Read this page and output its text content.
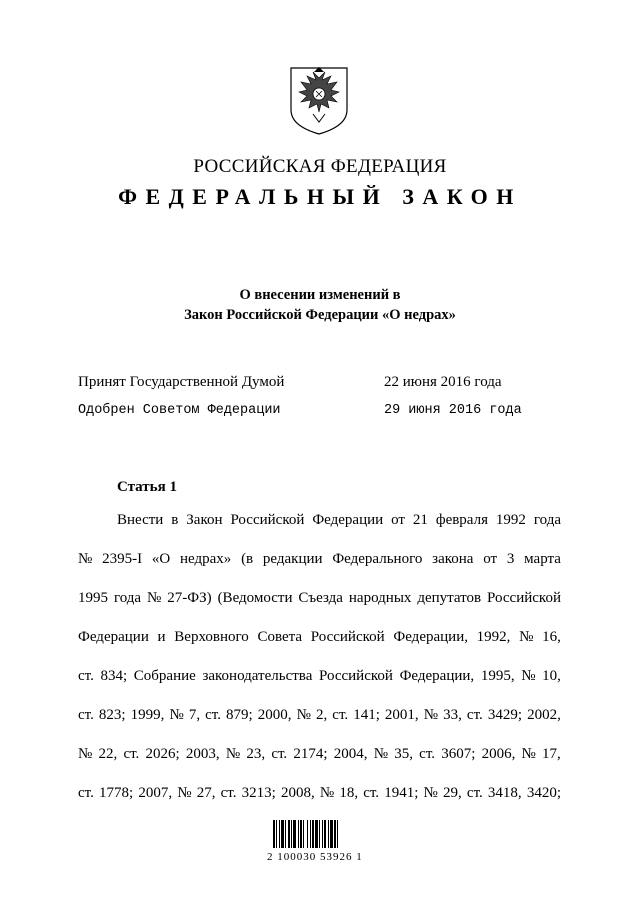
РОССИЙСКАЯ ФЕДЕРАЦИЯ
ФЕДЕРАЛЬНЫЙ ЗАКОН
О внесении изменений в
Закон Российской Федерации «О недрах»
Принят Государственной Думой	22 июня 2016 года
Одобрен Советом Федерации	29 июня 2016 года
Статья 1
Внести в Закон Российской Федерации от 21 февраля 1992 года
№ 2395-I «О недрах» (в редакции Федерального закона от 3 марта
1995 года № 27-ФЗ) (Ведомости Съезда народных депутатов Российской
Федерации и Верховного Совета Российской Федерации, 1992, № 16,
ст. 834; Собрание законодательства Российской Федерации, 1995, № 10,
ст. 823; 1999, № 7, ст. 879; 2000, № 2, ст. 141; 2001, № 33, ст. 3429; 2002,
№ 22, ст. 2026; 2003, № 23, ст. 2174; 2004, № 35, ст. 3607; 2006, № 17,
ст. 1778; 2007, № 27, ст. 3213; 2008, № 18, ст. 1941; № 29, ст. 3418, 3420;
2 100030 53926 1
